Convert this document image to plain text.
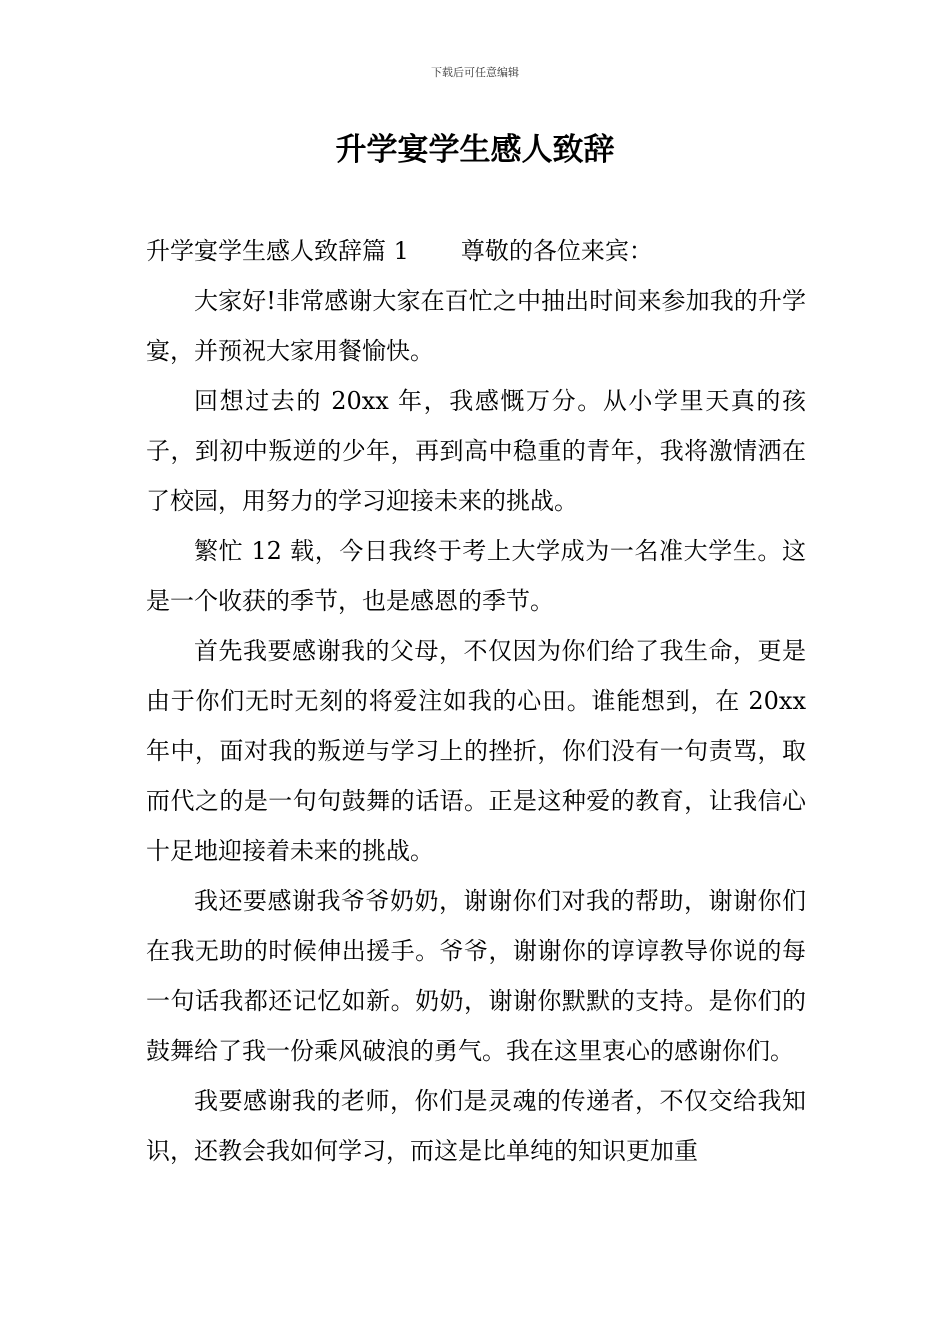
下载后可任意编辑
升学宴学生感人致辞

升学宴学生感人致辞篇 1 尊敬的各位来宾：

大家好!非常感谢大家在百忙之中抽出时间来参加我的升学宴，并预祝大家用餐愉快。

回想过去的 20xx 年，我感慨万分。从小学里天真的孩子，到初中叛逆的少年，再到高中稳重的青年，我将激情洒在了校园，用努力的学习迎接未来的挑战。

繁忙 12 载，今日我终于考上大学成为一名准大学生。这是一个收获的季节，也是感恩的季节。

首先我要感谢我的父母，不仅因为你们给了我生命，更是由于你们无时无刻的将爱注如我的心田。谁能想到，在 20xx 年中，面对我的叛逆与学习上的挫折，你们没有一句责骂，取而代之的是一句句鼓舞的话语。正是这种爱的教育，让我信心十足地迎接着未来的挑战。

我还要感谢我爷爷奶奶，谢谢你们对我的帮助，谢谢你们在我无助的时候伸出援手。爷爷，谢谢你的谆谆教导你说的每一句话我都还记忆如新。奶奶，谢谢你默默的支持。是你们的鼓舞给了我一份乘风破浪的勇气。我在这里衷心的感谢你们。

我要感谢我的老师，你们是灵魂的传递者，不仅交给我知识，还教会我如何学习，而这是比单纯的知识更加重
